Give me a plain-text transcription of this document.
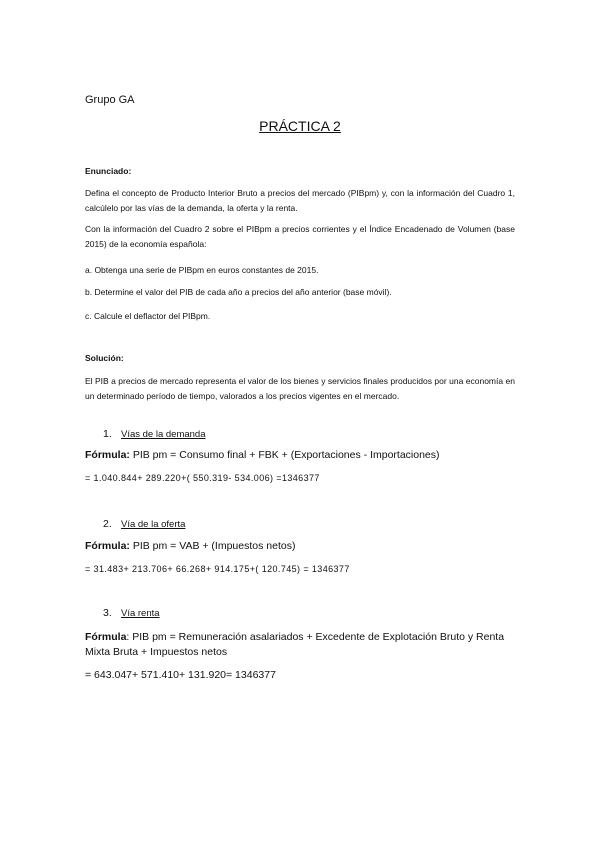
Grupo GA
PRÁCTICA 2
Enunciado:
Defina el concepto de Producto Interior Bruto a precios del mercado (PIBpm) y, con la información del Cuadro 1, calcúlelo por las vías de la demanda, la oferta y la renta.
Con la información del Cuadro 2 sobre el PIBpm a precios corrientes y el Índice Encadenado de Volumen (base 2015) de la economía española:
a. Obtenga una serie de PIBpm en euros constantes de 2015.
b. Determine el valor del PIB de cada año a precios del año anterior (base móvil).
c. Calcule el deflactor del PIBpm.
Solución:
El PIB a precios de mercado representa el valor de los bienes y servicios finales producidos por una economía en un determinado período de tiempo, valorados a los precios vigentes en el mercado.
1. Vías de la demanda
Fórmula: PIB pm = Consumo final + FBK + (Exportaciones - Importaciones)
= 1.040.844+ 289.220+( 550.319- 534.006) =1346377
2. Vía de la oferta
Fórmula: PIB pm = VAB + (Impuestos netos)
= 31.483+ 213.706+ 66.268+ 914.175+( 120.745) = 1346377
3. Vía renta
Fórmula: PIB pm = Remuneración asalariados + Excedente de Explotación Bruto y Renta Mixta Bruta + Impuestos netos
= 643.047+ 571.410+ 131.920= 1346377
